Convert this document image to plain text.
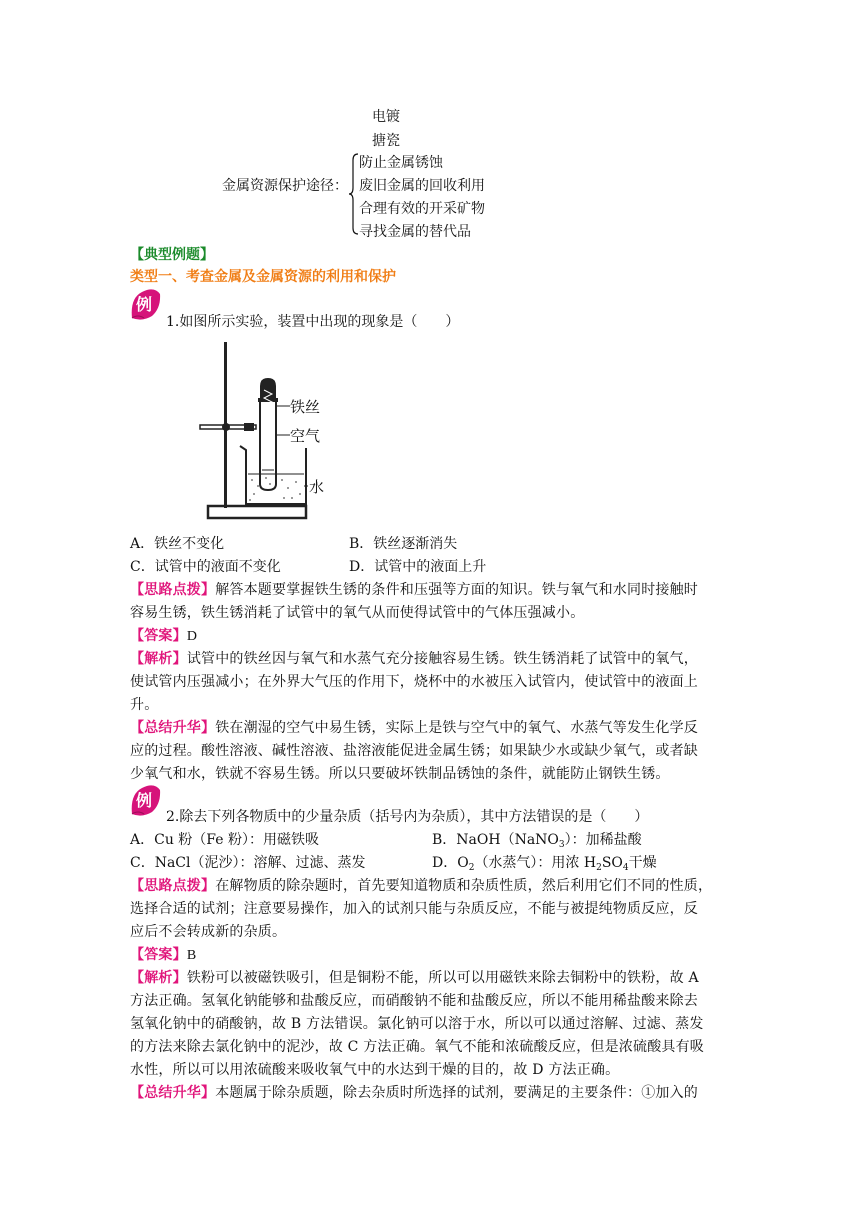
电镀
搪瓷
金属资源保护途径：
防止金属锈蚀
废旧金属的回收利用
合理有效的开采矿物
寻找金属的替代品
【典型例题】
类型一、考查金属及金属资源的利用和保护
例
1.如图所示实验，装置中出现的现象是（　　）
铁丝
空气
水
A．铁丝不变化	B．铁丝逐渐消失
C．试管中的液面不变化	D．试管中的液面上升
【思路点拨】解答本题要掌握铁生锈的条件和压强等方面的知识。铁与氧气和水同时接触时
容易生锈，铁生锈消耗了试管中的氧气从而使得试管中的气体压强减小。
【答案】D
【解析】试管中的铁丝因与氧气和水蒸气充分接触容易生锈。铁生锈消耗了试管中的氧气，
使试管内压强减小；在外界大气压的作用下，烧杯中的水被压入试管内，使试管中的液面上
升。
【总结升华】铁在潮湿的空气中易生锈，实际上是铁与空气中的氧气、水蒸气等发生化学反
应的过程。酸性溶液、碱性溶液、盐溶液能促进金属生锈；如果缺少水或缺少氧气，或者缺
少氧气和水，铁就不容易生锈。所以只要破坏铁制品锈蚀的条件，就能防止钢铁生锈。
例
2.除去下列各物质中的少量杂质（括号内为杂质），其中方法错误的是（　　）
A．Cu 粉（Fe 粉）：用磁铁吸	B．NaOH（NaNO$_3$）：加稀盐酸
C．NaCl（泥沙）：溶解、过滤、蒸发	D．$O_2$（水蒸气）：用浓 $H_2SO_4$干燥
【思路点拨】在解物质的除杂题时，首先要知道物质和杂质性质，然后利用它们不同的性质，
选择合适的试剂；注意要易操作，加入的试剂只能与杂质反应，不能与被提纯物质反应，反
应后不会转成新的杂质。
【答案】B
【解析】铁粉可以被磁铁吸引，但是铜粉不能，所以可以用磁铁来除去铜粉中的铁粉，故 A
方法正确。氢氧化钠能够和盐酸反应，而硝酸钠不能和盐酸反应，所以不能用稀盐酸来除去
氢氧化钠中的硝酸钠，故 B 方法错误。氯化钠可以溶于水，所以可以通过溶解、过滤、蒸发
的方法来除去氯化钠中的泥沙，故 C 方法正确。氧气不能和浓硫酸反应，但是浓硫酸具有吸
水性，所以可以用浓硫酸来吸收氧气中的水达到干燥的目的，故 D 方法正确。
【总结升华】本题属于除杂质题，除去杂质时所选择的试剂，要满足的主要条件：①加入的
